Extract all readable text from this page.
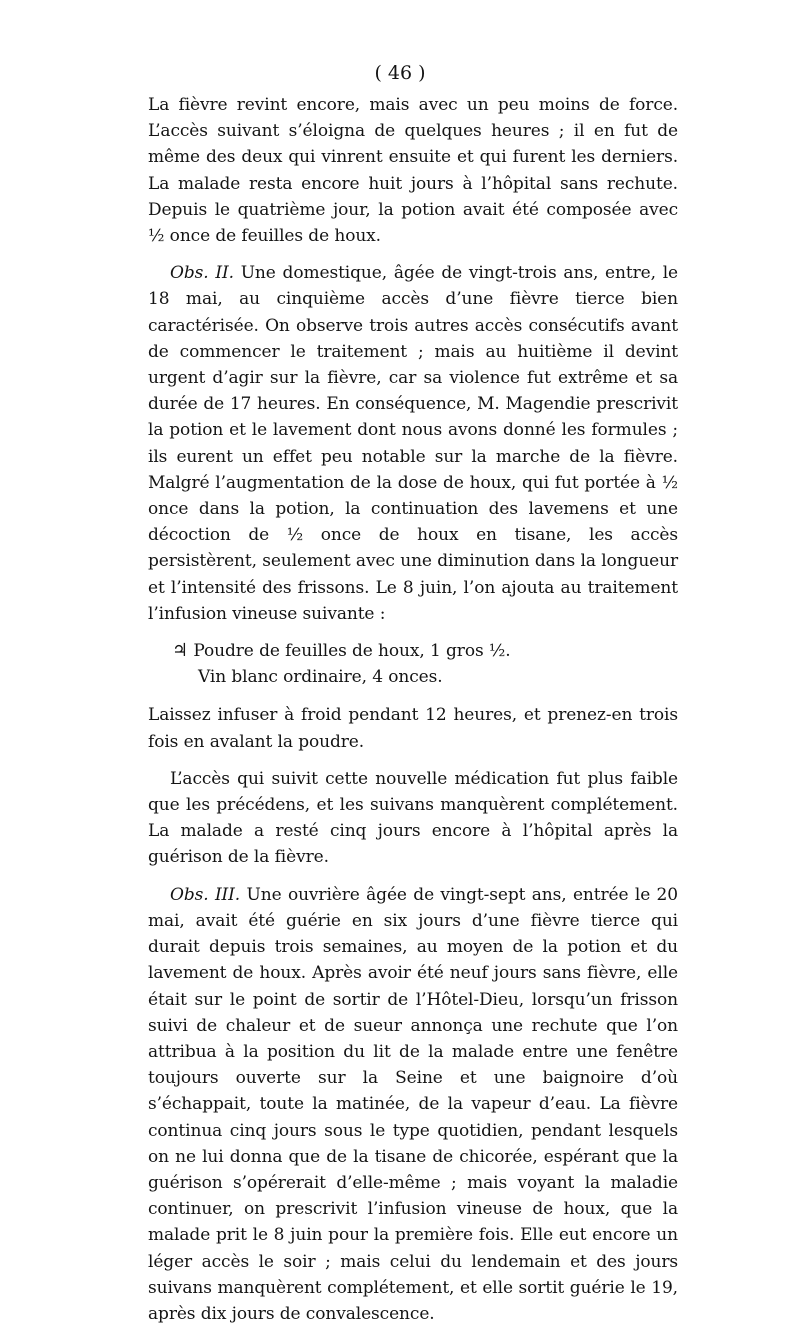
( 46 )

La fièvre revint encore, mais avec un peu moins de force. L’accès suivant s’éloigna de quelques heures ; il en fut de même des deux qui vinrent ensuite et qui furent les derniers. La malade resta encore huit jours à l’hôpital sans rechute. Depuis le quatrième jour, la potion avait été composée avec ½ once de feuilles de houx.

Obs. II. Une domestique, âgée de vingt-trois ans, entre, le 18 mai, au cinquième accès d’une fièvre tierce bien caractérisée. On observe trois autres accès consécutifs avant de commencer le traitement ; mais au huitième il devint urgent d’agir sur la fièvre, car sa violence fut extrême et sa durée de 17 heures. En conséquence, M. Magendie prescrivit la potion et le lavement dont nous avons donné les formules ; ils eurent un effet peu notable sur la marche de la fièvre. Malgré l’augmentation de la dose de houx, qui fut portée à ½ once dans la potion, la continuation des lavemens et une décoction de ½ once de houx en tisane, les accès persistèrent, seulement avec une diminution dans la longueur et l’intensité des frissons. Le 8 juin, l’on ajouta au traitement l’infusion vineuse suivante :

♃ Poudre de feuilles de houx, 1 gros ½.
Vin blanc ordinaire, 4 onces.

Laissez infuser à froid pendant 12 heures, et prenez-en trois fois en avalant la poudre.

L’accès qui suivit cette nouvelle médication fut plus faible que les précédens, et les suivans manquèrent complétement. La malade a resté cinq jours encore à l’hôpital après la guérison de la fièvre.

Obs. III. Une ouvrière âgée de vingt-sept ans, entrée le 20 mai, avait été guérie en six jours d’une fièvre tierce qui durait depuis trois semaines, au moyen de la potion et du lavement de houx. Après avoir été neuf jours sans fièvre, elle était sur le point de sortir de l’Hôtel-Dieu, lorsqu’un frisson suivi de chaleur et de sueur annonça une rechute que l’on attribua à la position du lit de la malade entre une fenêtre toujours ouverte sur la Seine et une baignoire d’où s’échappait, toute la matinée, de la vapeur d’eau. La fièvre continua cinq jours sous le type quotidien, pendant lesquels on ne lui donna que de la tisane de chicorée, espérant que la guérison s’opérerait d’elle-même ; mais voyant la maladie continuer, on prescrivit l’infusion vineuse de houx, que la malade prit le 8 juin pour la première fois. Elle eut encore un léger accès le soir ; mais celui du lendemain et des jours suivans manquèrent complétement, et elle sortit guérie le 19, après dix jours de convalescence.
